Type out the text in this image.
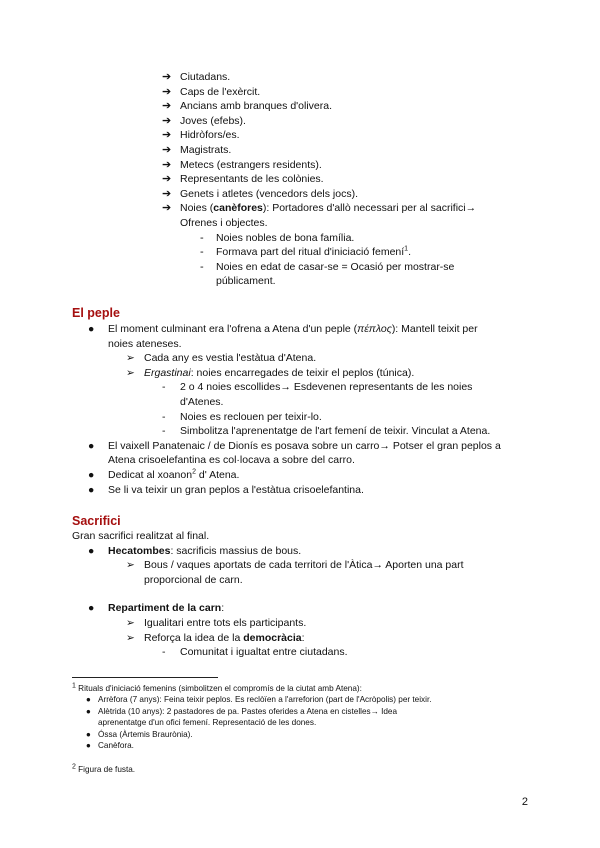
➔ Ciutadans.
➔ Caps de l'exèrcit.
➔ Ancians amb branques d'olivera.
➔ Joves (efebs).
➔ Hidròfors/es.
➔ Magistrats.
➔ Metecs (estrangers residents).
➔ Representants de les colònies.
➔ Genets i atletes (vencedors dels jocs).
➔ Noies (canèfores): Portadores d'allò necessari per al sacrifici→
Ofrenes i objectes.
-	Noies nobles de bona família.
-	Formava part del ritual d'iniciació femení$^1$.
-	Noies en edat de casar-se = Ocasió per mostrar-se
públicament.
El peple
●	El moment culminant era l'ofrena a Atena d'un peple (πέπλος): Mantell teixit per
noies ateneses.
➢ Cada any es vestia l'estàtua d'Atena.
➢ Ergastinai: noies encarregades de teixir el peplos (túnica).
-	2 o 4 noies escollides→ Esdevenen representants de les noies
d'Atenes.
-	Noies es reclouen per teixir-lo.
-	Simbolitza l'aprenentatge de l'art femení de teixir. Vinculat a Atena.
●	El vaixell Panatenaic / de Dionís es posava sobre un carro→ Potser el gran peplos a
Atena crisoelefantina es col·locava a sobre del carro.
●	Dedicat al xoanon$^2$ d' Atena.
●	Se li va teixir un gran peplos a l'estàtua crisoelefantina.
Sacrifici
Gran sacrifici realitzat al final.
●	Hecatombes: sacrificis massius de bous.
➢ Bous / vaques aportats de cada territori de l'Àtica→ Aporten una part
proporcional de carn.
●	Repartiment de la carn:
➢ Igualitari entre tots els participants.
➢ Reforça la idea de la democràcia:
-	Comunitat i igualtat entre ciutadans.
$^1$ Rituals d'iniciació femenins (simbolitzen el compromís de la ciutat amb Atena):
● Arrèfora (7 anys): Feina teixir peplos. Es reclòïen a l'arreforion (part de l'Acròpolis) per teixir.
● Alètrida (10 anys): 2 pastadores de pa. Pastes oferides a Atena en cistelles→ Idea
aprenentatge d'un ofici femení. Representació de les dones.
● Óssa (Àrtemis Braurònia).
● Canèfora.
$^2$ Figura de fusta.
2
